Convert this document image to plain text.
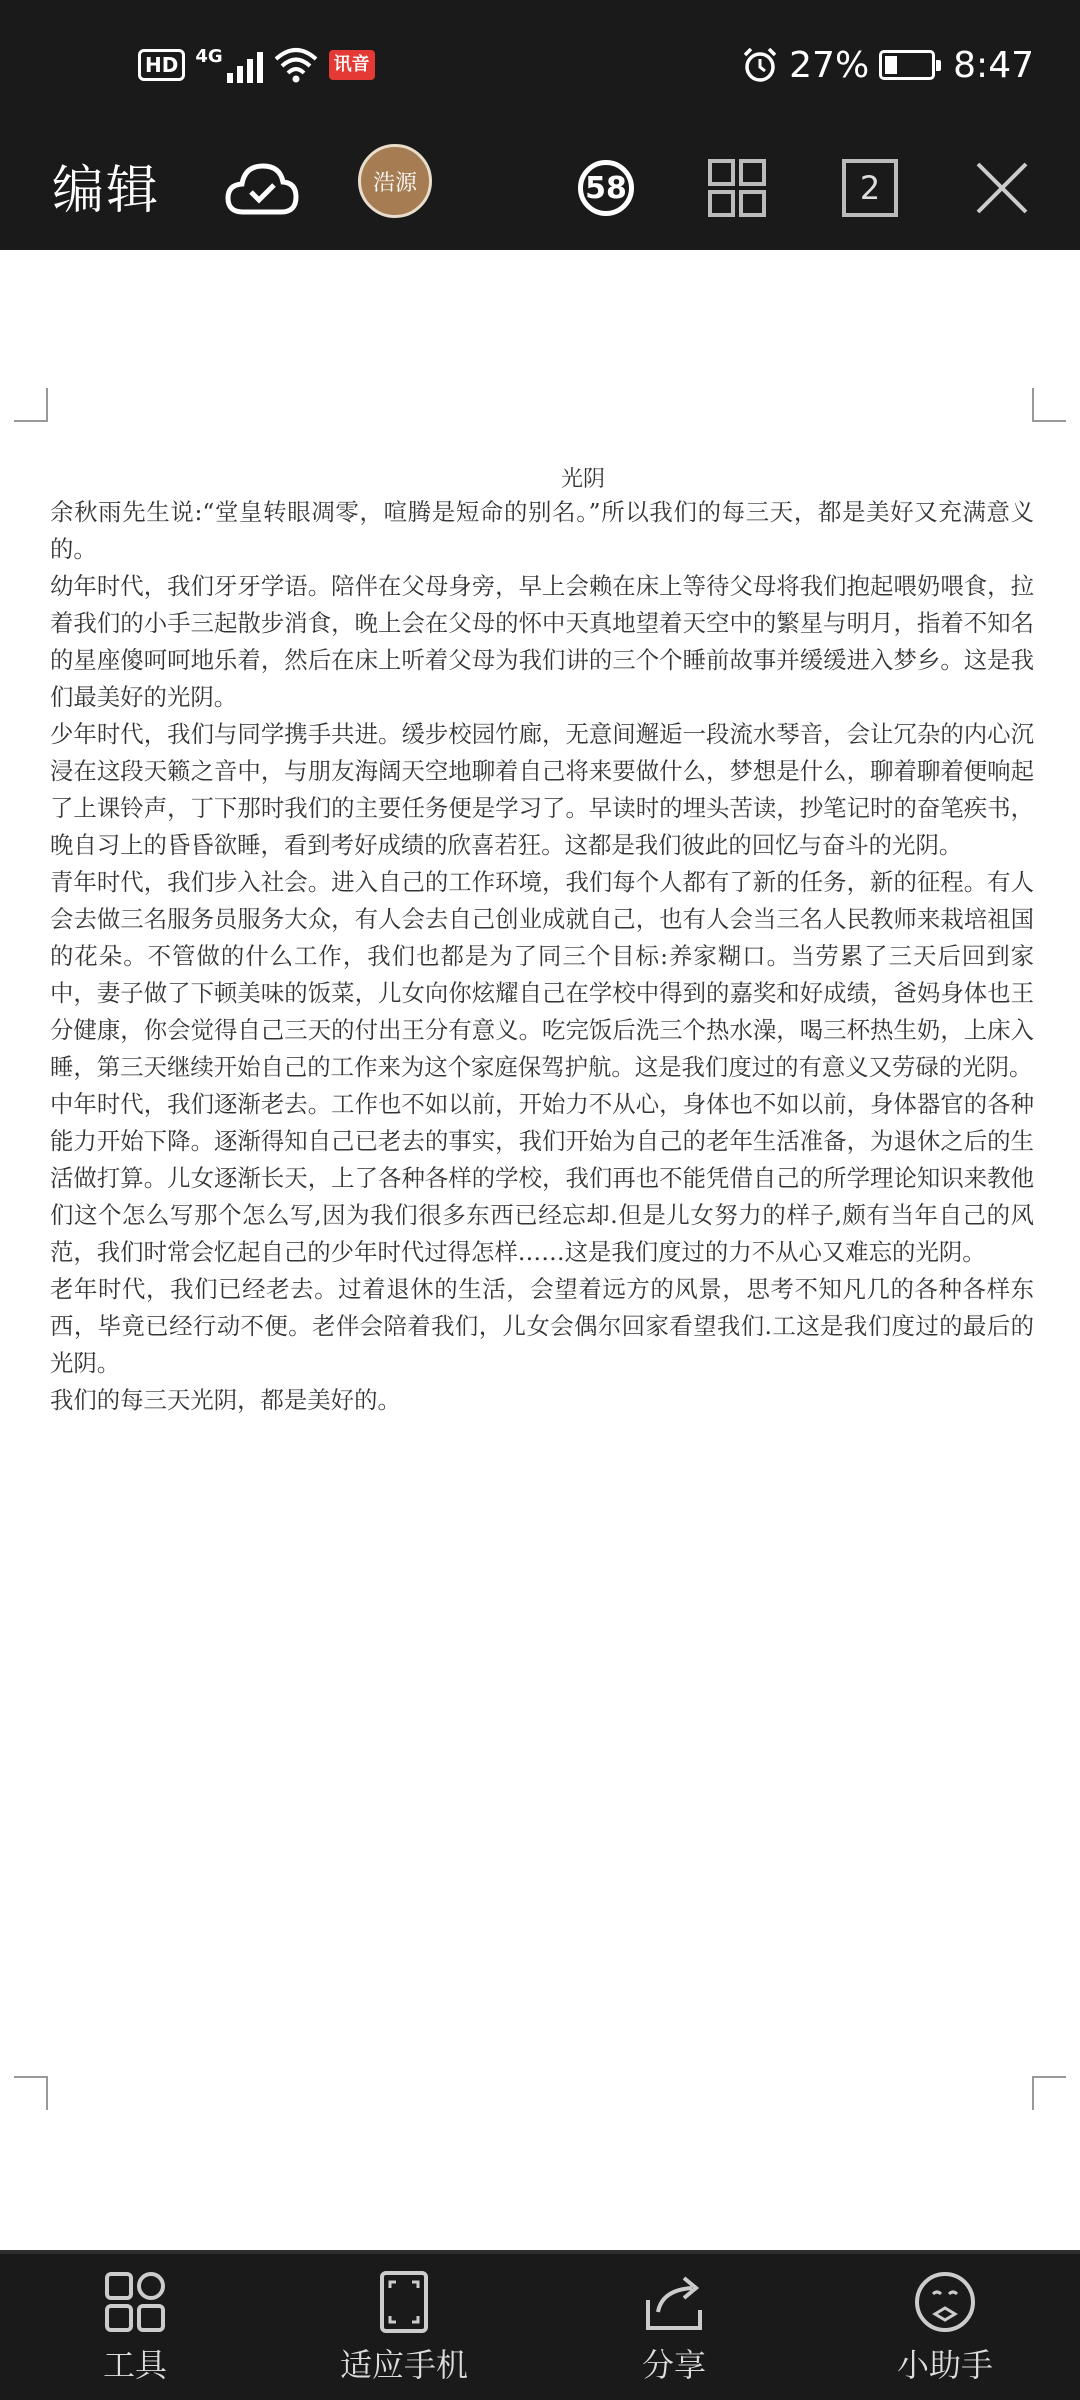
HD 4G	讯音	27% ⚡ 8:47
编辑	浩源	58	2
光阴

余秋雨先生说:“堂皇转眼凋零，喧腾是短命的别名。”所以我们的每三天，都是美好又充满意义的。

幼年时代，我们牙牙学语。陪伴在父母身旁，早上会赖在床上等待父母将我们抱起喂奶喂食，拉着我们的小手三起散步消食，晚上会在父母的怀中天真地望着天空中的繁星与明月，指着不知名的星座傻呵呵地乐着，然后在床上听着父母为我们讲的三个个睡前故事并缓缓进入梦乡。这是我们最美好的光阴。

少年时代，我们与同学携手共进。缓步校园竹廊，无意间邂逅一段流水琴音，会让冗杂的内心沉浸在这段天籁之音中，与朋友海阔天空地聊着自己将来要做什么，梦想是什么，聊着聊着便响起了上课铃声，丁下那时我们的主要任务便是学习了。早读时的埋头苦读，抄笔记时的奋笔疾书，晚自习上的昏昏欲睡，看到考好成绩的欣喜若狂。这都是我们彼此的回忆与奋斗的光阴。

青年时代，我们步入社会。进入自己的工作环境，我们每个人都有了新的任务，新的征程。有人会去做三名服务员服务大众，有人会去自己创业成就自己，也有人会当三名人民教师来栽培祖国的花朵。不管做的什么工作，我们也都是为了同三个目标:养家糊口。当劳累了三天后回到家中，妻子做了下顿美味的饭菜，儿女向你炫耀自己在学校中得到的嘉奖和好成绩，爸妈身体也王分健康，你会觉得自己三天的付出王分有意义。吃完饭后洗三个热水澡，喝三杯热生奶，上床入睡，第三天继续开始自己的工作来为这个家庭保驾护航。这是我们度过的有意义又劳碌的光阴。

中年时代，我们逐渐老去。工作也不如以前，开始力不从心，身体也不如以前，身体器官的各种能力开始下降。逐渐得知自己已老去的事实，我们开始为自己的老年生活准备，为退休之后的生活做打算。儿女逐渐长天，上了各种各样的学校，我们再也不能凭借自己的所学理论知识来教他们这个怎么写那个怎么写,因为我们很多东西已经忘却.但是儿女努力的样子,颇有当年自己的风范，我们时常会忆起自己的少年时代过得怎样……这是我们度过的力不从心又难忘的光阴。

老年时代，我们已经老去。过着退休的生活，会望着远方的风景，思考不知凡几的各种各样东西，毕竟已经行动不便。老伴会陪着我们，儿女会偶尔回家看望我们.工这是我们度过的最后的光阴。

我们的每三天光阴，都是美好的。

工具	适应手机	分享	小助手
